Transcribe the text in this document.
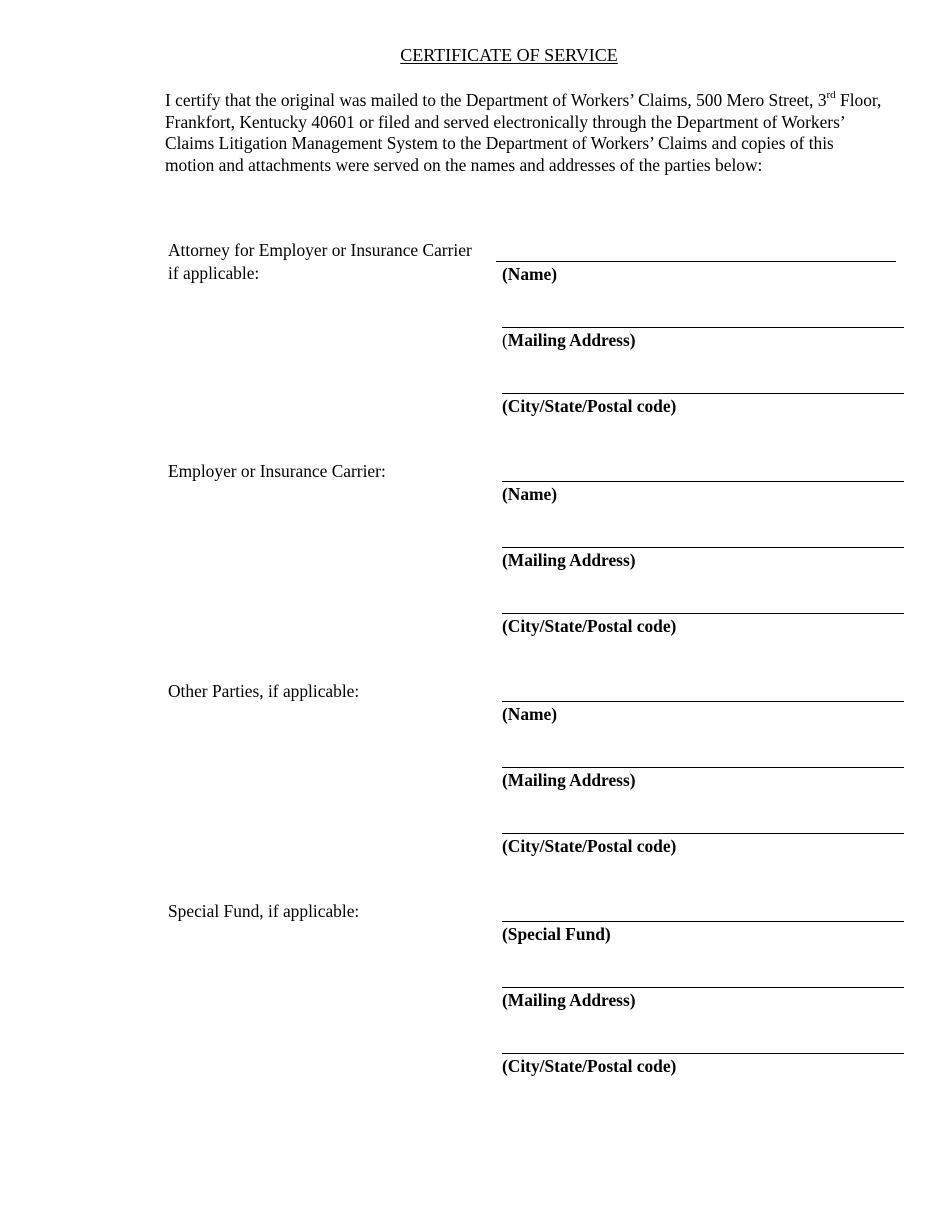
CERTIFICATE OF SERVICE

I certify that the original was mailed to the Department of Workers’ Claims, 500 Mero Street, 3rd Floor, Frankfort, Kentucky 40601 or filed and served electronically through the Department of Workers’ Claims Litigation Management System to the Department of Workers’ Claims and copies of this motion and attachments were served on the names and addresses of the parties below:

Attorney for Employer or Insurance Carrier
if applicable:	(Name)
(Mailing Address)
(City/State/Postal code)
Employer or Insurance Carrier:
(Name)
(Mailing Address)
(City/State/Postal code)
Other Parties, if applicable:
(Name)
(Mailing Address)
(City/State/Postal code)
Special Fund, if applicable:
(Special Fund)
(Mailing Address)
(City/State/Postal code)
